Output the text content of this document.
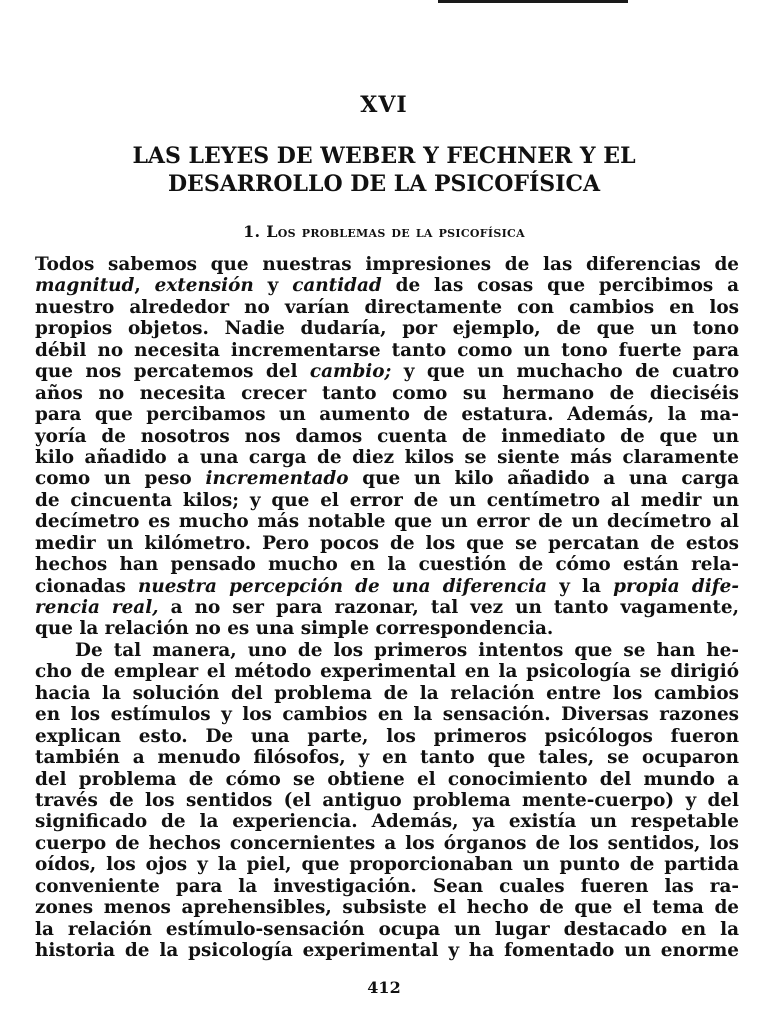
XVI
LAS LEYES DE WEBER Y FECHNER Y EL
DESARROLLO DE LA PSICOFÍSICA
1. Los problemas de la psicofísica
Todos sabemos que nuestras impresiones de las diferencias de
magnitud, extensión y cantidad de las cosas que percibimos a
nuestro alrededor no varían directamente con cambios en los
propios objetos. Nadie dudaría, por ejemplo, de que un tono
débil no necesita incrementarse tanto como un tono fuerte para
que nos percatemos del cambio; y que un muchacho de cuatro
años no necesita crecer tanto como su hermano de dieciséis
para que percibamos un aumento de estatura. Además, la ma-
yoría de nosotros nos damos cuenta de inmediato de que un
kilo añadido a una carga de diez kilos se siente más claramente
como un peso incrementado que un kilo añadido a una carga
de cincuenta kilos; y que el error de un centímetro al medir un
decímetro es mucho más notable que un error de un decímetro al
medir un kilómetro. Pero pocos de los que se percatan de estos
hechos han pensado mucho en la cuestión de cómo están rela-
cionadas nuestra percepción de una diferencia y la propia dife-
rencia real, a no ser para razonar, tal vez un tanto vagamente,
que la relación no es una simple correspondencia.
De tal manera, uno de los primeros intentos que se han he-
cho de emplear el método experimental en la psicología se dirigió
hacia la solución del problema de la relación entre los cambios
en los estímulos y los cambios en la sensación. Diversas razones
explican esto. De una parte, los primeros psicólogos fueron
también a menudo filósofos, y en tanto que tales, se ocuparon
del problema de cómo se obtiene el conocimiento del mundo a
través de los sentidos (el antiguo problema mente-cuerpo) y del
significado de la experiencia. Además, ya existía un respetable
cuerpo de hechos concernientes a los órganos de los sentidos, los
oídos, los ojos y la piel, que proporcionaban un punto de partida
conveniente para la investigación. Sean cuales fueren las ra-
zones menos aprehensibles, subsiste el hecho de que el tema de
la relación estímulo-sensación ocupa un lugar destacado en la
historia de la psicología experimental y ha fomentado un enorme
412
